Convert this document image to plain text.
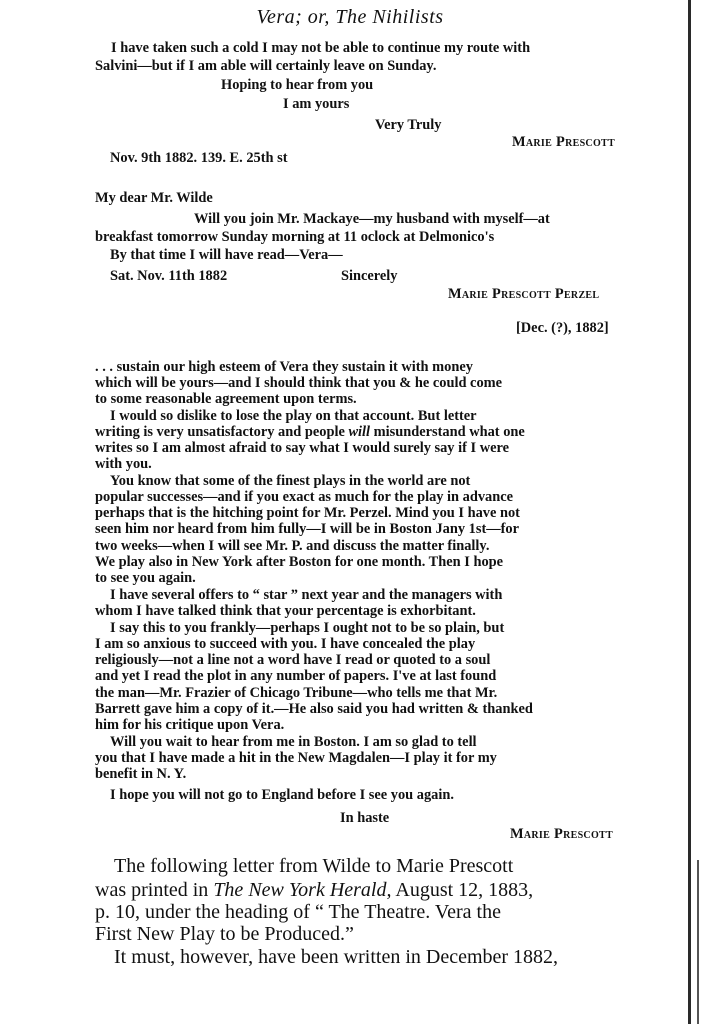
Vera; or, The Nihilists
I have taken such a cold I may not be able to continue my route with
Salvini—but if I am able will certainly leave on Sunday.
Hoping to hear from you
I am yours
Very Truly
Marie Prescott
Nov. 9th 1882. 139. E. 25th st
My dear Mr. Wilde
Will you join Mr. Mackaye—my husband with myself—at
breakfast tomorrow Sunday morning at 11 oclock at Delmonico's
By that time I will have read—Vera—
Sat. Nov. 11th 1882	Sincerely
Marie Prescott Perzel
[Dec. (?), 1882]
. . . sustain our high esteem of Vera they sustain it with money
which will be yours—and I should think that you & he could come
to some reasonable agreement upon terms.
I would so dislike to lose the play on that account. But letter
writing is very unsatisfactory and people will misunderstand what one
writes so I am almost afraid to say what I would surely say if I were
with you.
You know that some of the finest plays in the world are not
popular successes—and if you exact as much for the play in advance
perhaps that is the hitching point for Mr. Perzel. Mind you I have not
seen him nor heard from him fully—I will be in Boston Jany 1st—for
two weeks—when I will see Mr. P. and discuss the matter finally.
We play also in New York after Boston for one month. Then I hope
to see you again.
I have several offers to “ star ” next year and the managers with
whom I have talked think that your percentage is exhorbitant.
I say this to you frankly—perhaps I ought not to be so plain, but
I am so anxious to succeed with you. I have concealed the play
religiously—not a line not a word have I read or quoted to a soul
and yet I read the plot in any number of papers. I've at last found
the man—Mr. Frazier of Chicago Tribune—who tells me that Mr.
Barrett gave him a copy of it.—He also said you had written & thanked
him for his critique upon Vera.
Will you wait to hear from me in Boston. I am so glad to tell
you that I have made a hit in the New Magdalen—I play it for my
benefit in N. Y.
I hope you will not go to England before I see you again.
In haste
Marie Prescott
The following letter from Wilde to Marie Prescott
was printed in The New York Herald, August 12, 1883,
p. 10, under the heading of “ The Theatre. Vera the
First New Play to be Produced.”
It must, however, have been written in December 1882,
